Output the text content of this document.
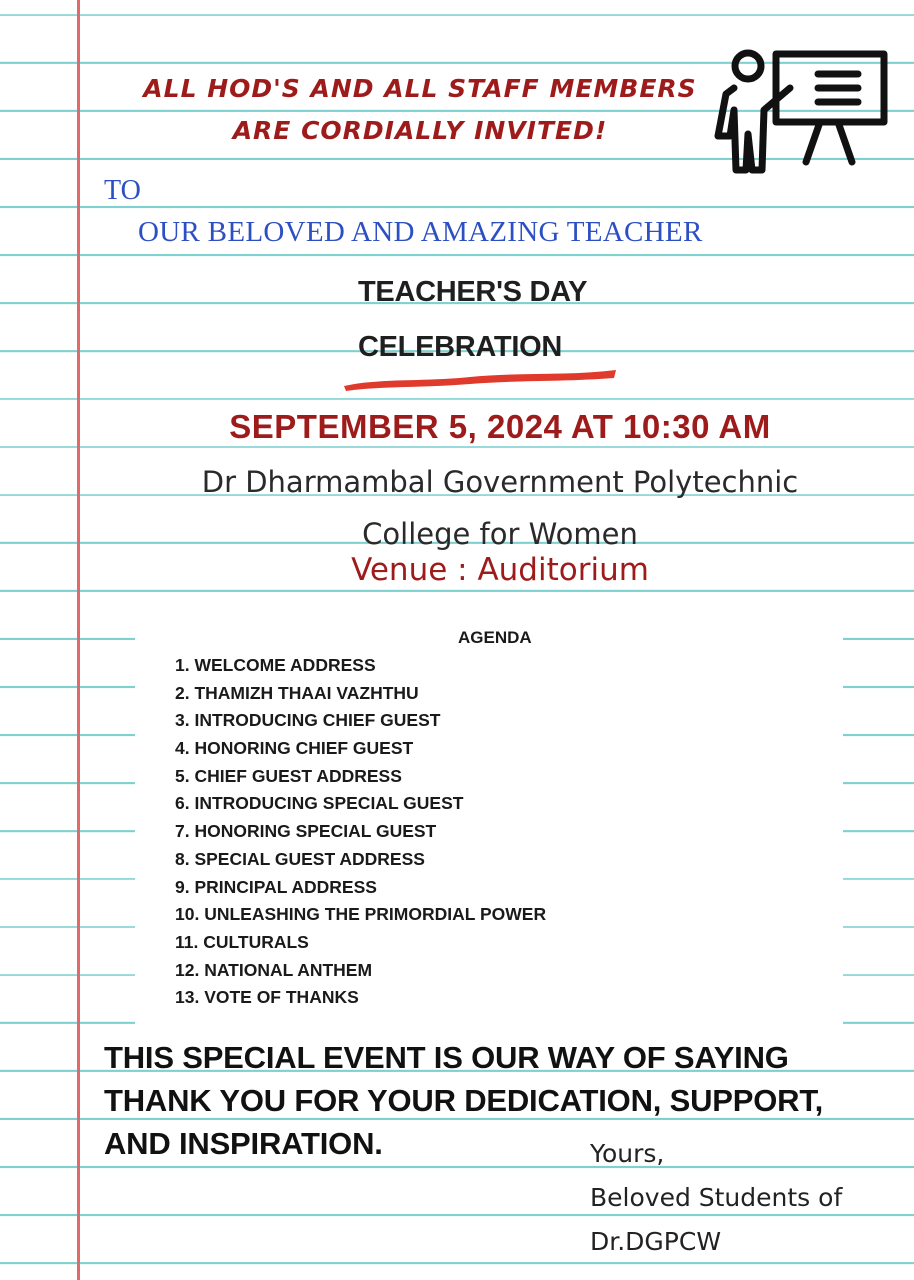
ALL HOD'S AND ALL STAFF MEMBERS
ARE CORDIALLY INVITED!
TO
OUR BELOVED AND AMAZING TEACHER
TEACHER'S DAY
CELEBRATION
SEPTEMBER 5, 2024 AT 10:30 AM
Dr Dharmambal Government Polytechnic
College for Women
Venue : Auditorium
AGENDA
1. WELCOME ADDRESS
2. THAMIZH THAAI VAZHTHU
3. INTRODUCING CHIEF GUEST
4. HONORING CHIEF GUEST
5. CHIEF GUEST ADDRESS
6. INTRODUCING SPECIAL GUEST
7. HONORING SPECIAL GUEST
8. SPECIAL GUEST ADDRESS
9. PRINCIPAL ADDRESS
10. UNLEASHING THE PRIMORDIAL POWER
11. CULTURALS
12. NATIONAL ANTHEM
13. VOTE OF THANKS
THIS SPECIAL EVENT IS OUR WAY OF SAYING
THANK YOU FOR YOUR DEDICATION, SUPPORT,
AND INSPIRATION.	Yours,
Beloved Students of
Dr.DGPCW
